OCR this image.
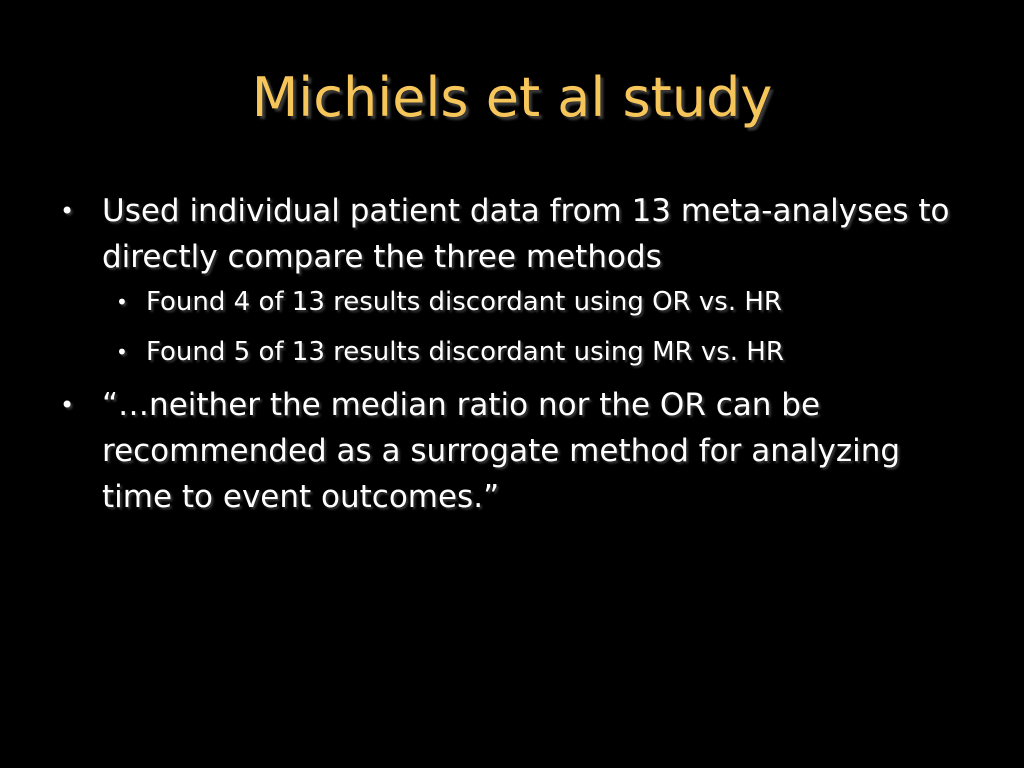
Michiels et al study
• Used individual patient data from 13 meta-analyses to directly compare the three methods
• Found 4 of 13 results discordant using OR vs. HR
• Found 5 of 13 results discordant using MR vs. HR
• “…neither the median ratio nor the OR can be recommended as a surrogate method for analyzing time to event outcomes.”
